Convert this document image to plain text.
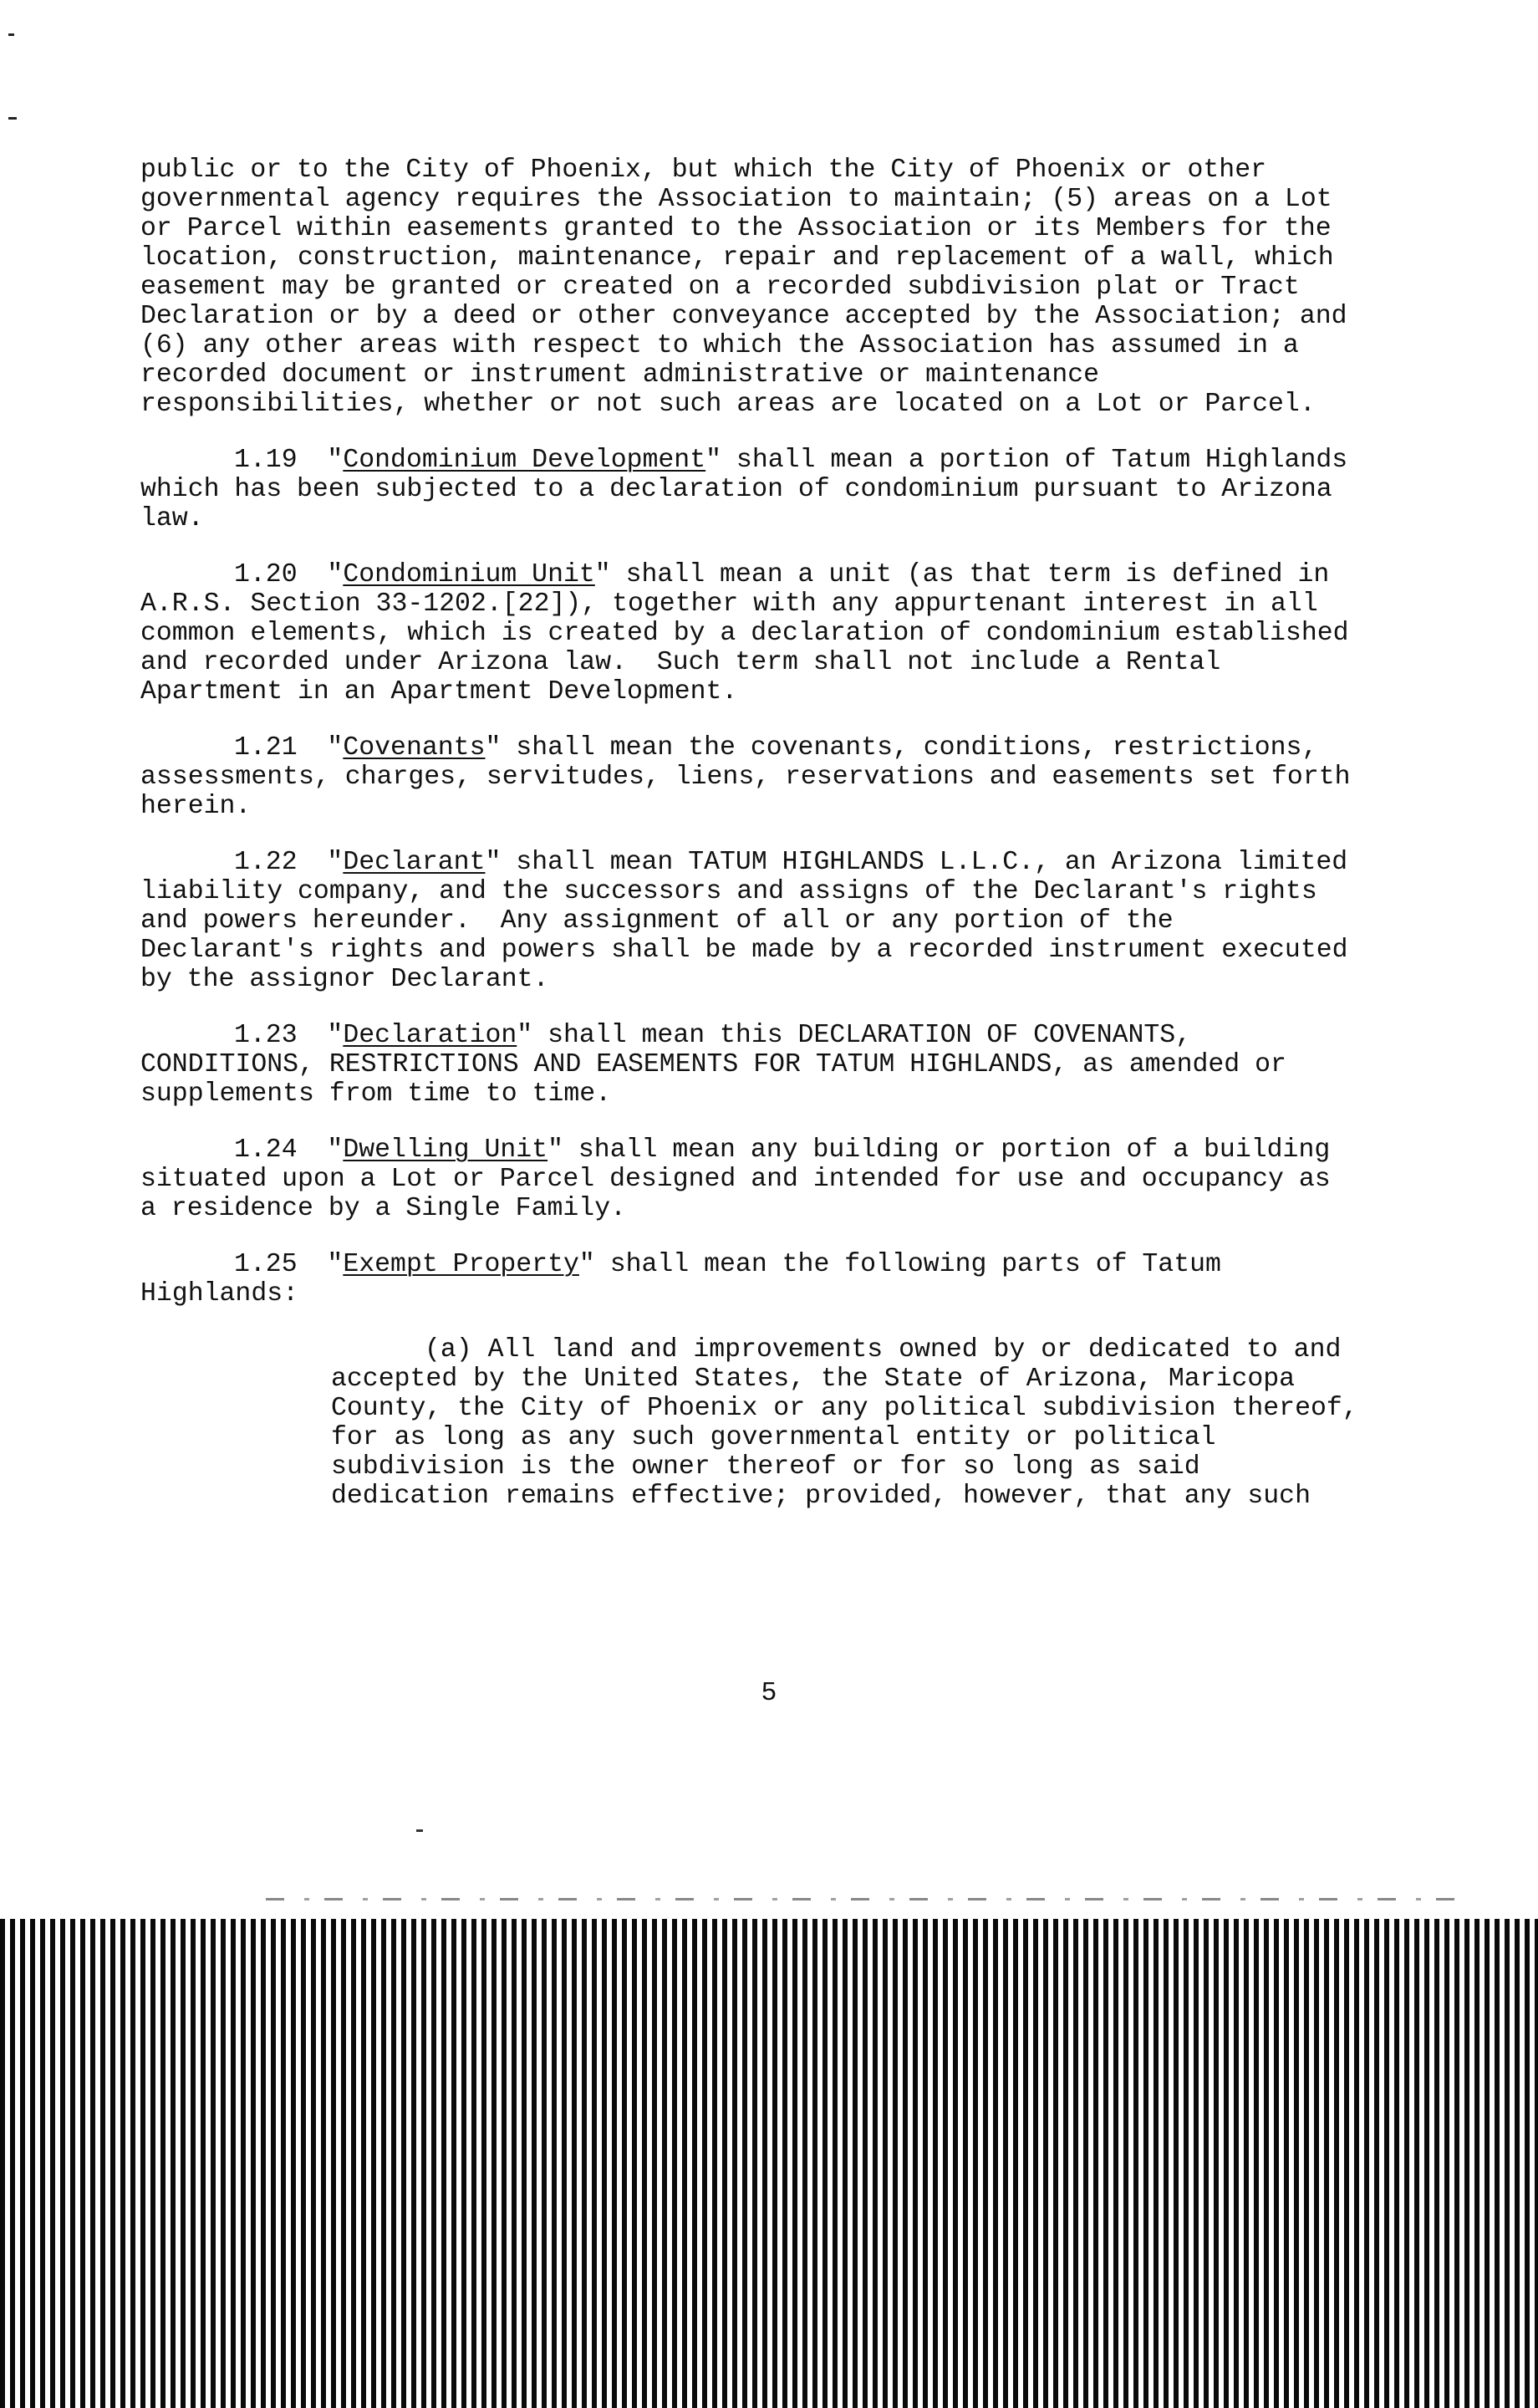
public or to the City of Phoenix, but which the City of Phoenix or other governmental agency requires the Association to maintain; (5) areas on a Lot or Parcel within easements granted to the Association or its Members for the location, construction, maintenance, repair and replacement of a wall, which easement may be granted or created on a recorded subdivision plat or Tract Declaration or by a deed or other conveyance accepted by the Association; and (6) any other areas with respect to which the Association has assumed in a recorded document or instrument administrative or maintenance responsibilities, whether or not such areas are located on a Lot or Parcel.

1.19  "Condominium Development" shall mean a portion of Tatum Highlands which has been subjected to a declaration of condominium pursuant to Arizona law.

1.20  "Condominium Unit" shall mean a unit (as that term is defined in A.R.S. Section 33-1202.[22]), together with any appurtenant interest in all common elements, which is created by a declaration of condominium established and recorded under Arizona law.  Such term shall not include a Rental Apartment in an Apartment Development.

1.21  "Covenants" shall mean the covenants, conditions, restrictions, assessments, charges, servitudes, liens, reservations and easements set forth herein.

1.22  "Declarant" shall mean TATUM HIGHLANDS L.L.C., an Arizona limited liability company, and the successors and assigns of the Declarant's rights and powers hereunder.  Any assignment of all or any portion of the Declarant's rights and powers shall be made by a recorded instrument executed by the assignor Declarant.

1.23  "Declaration" shall mean this DECLARATION OF COVENANTS, CONDITIONS, RESTRICTIONS AND EASEMENTS FOR TATUM HIGHLANDS, as amended or supplements from time to time.

1.24  "Dwelling Unit" shall mean any building or portion of a building situated upon a Lot or Parcel designed and intended for use and occupancy as a residence by a Single Family.

1.25  "Exempt Property" shall mean the following parts of Tatum Highlands:

(a) All land and improvements owned by or dedicated to and accepted by the United States, the State of Arizona, Maricopa County, the City of Phoenix or any political subdivision thereof, for as long as any such governmental entity or political subdivision is the owner thereof or for so long as said dedication remains effective; provided, however, that any such

5
